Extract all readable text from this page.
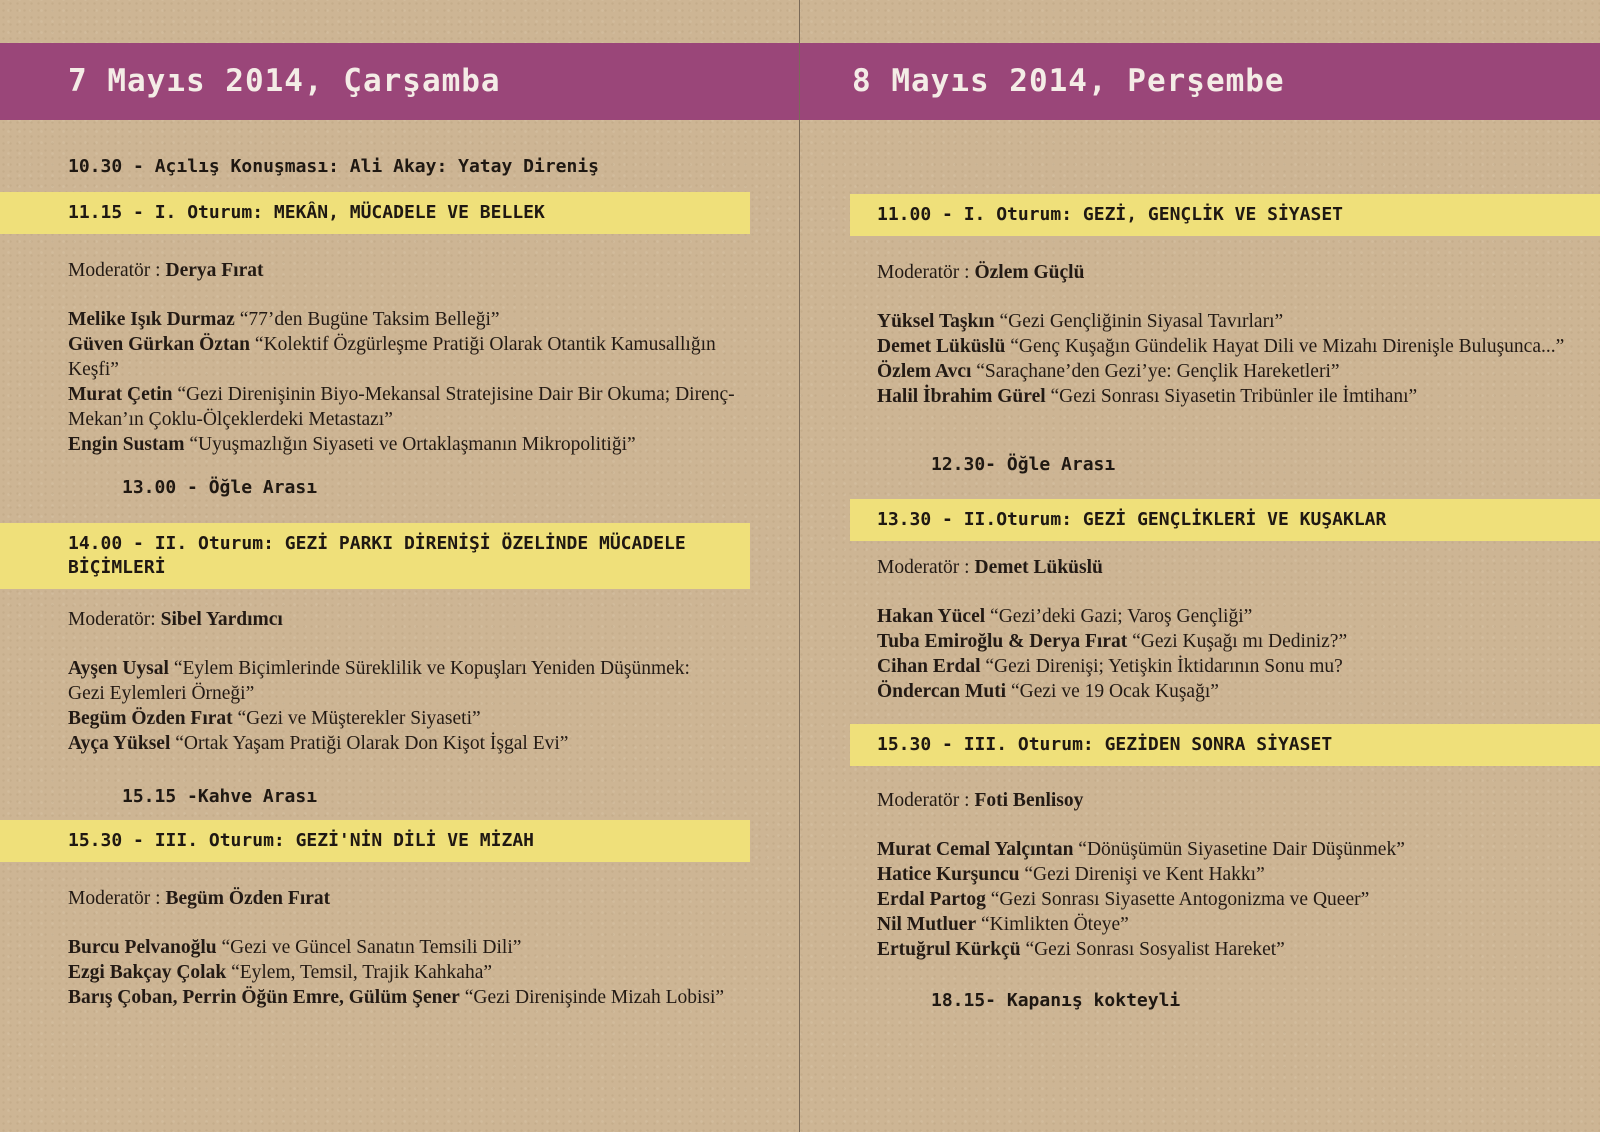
7 Mayıs 2014, Çarşamba	8 Mayıs 2014, Perşembe
10.30 - Açılış Konuşması: Ali Akay: Yatay Direniş
11.15 - I. Oturum: MEKÂN, MÜCADELE VE BELLEK
Moderatör : Derya Fırat

Melike Işık Durmaz “77’den Bugüne Taksim Belleği”

Güven Gürkan Öztan “Kolektif Özgürleşme Pratiği Olarak Otantik Kamusallığın Keşfi”

Murat Çetin “Gezi Direnişinin Biyo-Mekansal Stratejisine Dair Bir Okuma; Direnç-Mekan’ın Çoklu-Ölçeklerdeki Metastazı”

Engin Sustam “Uyuşmazlığın Siyaseti ve Ortaklaşmanın Mikropolitiği”

13.00 - Öğle Arası
14.00 - II. Oturum: GEZİ PARKI DİRENİŞİ ÖZELİNDE MÜCADELE BİÇİMLERİ
Moderatör: Sibel Yardımcı

Ayşen Uysal “Eylem Biçimlerinde Süreklilik ve Kopuşları Yeniden Düşünmek: Gezi Eylemleri Örneği”

Begüm Özden Fırat “Gezi ve Müşterekler Siyaseti”

Ayça Yüksel “Ortak Yaşam Pratiği Olarak Don Kişot İşgal Evi”

15.15 -Kahve Arası
15.30 - III. Oturum: GEZİ'NİN DİLİ VE MİZAH
Moderatör : Begüm Özden Fırat

Burcu Pelvanoğlu “Gezi ve Güncel Sanatın Temsili Dili”

Ezgi Bakçay Çolak “Eylem, Temsil, Trajik Kahkaha”

Barış Çoban, Perrin Öğün Emre, Gülüm Şener “Gezi Direnişinde Mizah Lobisi”

11.00 - I. Oturum: GEZİ, GENÇLİK VE SİYASET
Moderatör : Özlem Güçlü

Yüksel Taşkın “Gezi Gençliğinin Siyasal Tavırları”

Demet Lüküslü “Genç Kuşağın Gündelik Hayat Dili ve Mizahı Direnişle Buluşunca...”

Özlem Avcı “Saraçhane’den Gezi’ye: Gençlik Hareketleri”

Halil İbrahim Gürel “Gezi Sonrası Siyasetin Tribünler ile İmtihanı”

12.30- Öğle Arası
13.30 - II.Oturum: GEZİ GENÇLİKLERİ VE KUŞAKLAR
Moderatör : Demet Lüküslü

Hakan Yücel “Gezi’deki Gazi; Varoş Gençliği”

Tuba Emiroğlu & Derya Fırat “Gezi Kuşağı mı Dediniz?”

Cihan Erdal “Gezi Direnişi; Yetişkin İktidarının Sonu mu?

Öndercan Muti “Gezi ve 19 Ocak Kuşağı”

15.30 - III. Oturum: GEZİDEN SONRA SİYASET
Moderatör : Foti Benlisoy

Murat Cemal Yalçıntan “Dönüşümün Siyasetine Dair Düşünmek”

Hatice Kurşuncu “Gezi Direnişi ve Kent Hakkı”

Erdal Partog “Gezi Sonrası Siyasette Antogonizma ve Queer”

Nil Mutluer “Kimlikten Öteye”

Ertuğrul Kürkçü “Gezi Sonrası Sosyalist Hareket”

18.15- Kapanış kokteyli
